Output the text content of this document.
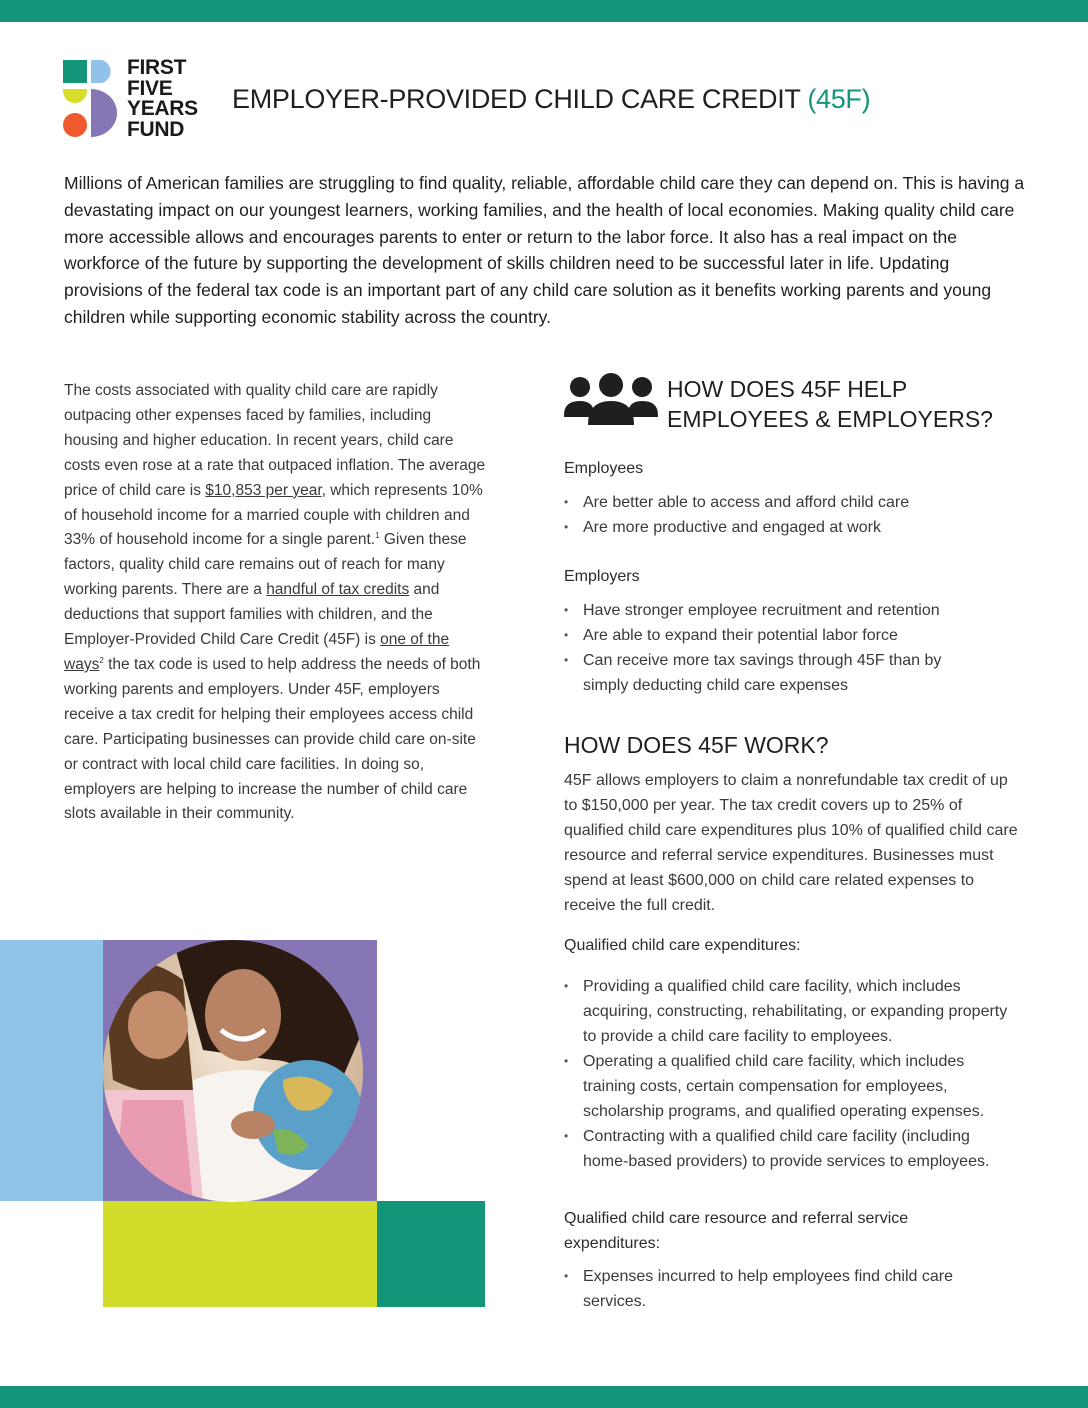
FIRST
FIVE
YEARS
FUND
EMPLOYER-PROVIDED CHILD CARE CREDIT (45F)

Millions of American families are struggling to find quality, reliable, affordable child care they can depend on. This is having a devastating impact on our youngest learners, working families, and the health of local economies. Making quality child care more accessible allows and encourages parents to enter or return to the labor force. It also has a real impact on the workforce of the future by supporting the development of skills children need to be successful later in life. Updating provisions of the federal tax code is an important part of any child care solution as it benefits working parents and young children while supporting economic stability across the country.

The costs associated with quality child care are rapidly outpacing other expenses faced by families, including housing and higher education. In recent years, child care costs even rose at a rate that outpaced inflation. The average price of child care is $10,853 per year, which represents 10% of household income for a married couple with children and 33% of household income for a single parent.$^1$ Given these factors, quality child care remains out of reach for many working parents. There are a handful of tax credits and deductions that support families with children, and the Employer-Provided Child Care Credit (45F) is one of the ways$^2$ the tax code is used to help address the needs of both working parents and employers. Under 45F, employers receive a tax credit for helping their employees access child care. Participating businesses can provide child care on-site or contract with local child care facilities. In doing so, employers are helping to increase the number of child care slots available in their community.

HOW DOES 45F HELP
EMPLOYEES & EMPLOYERS?
Employees
• Are better able to access and afford child care
• Are more productive and engaged at work
Employers
• Have stronger employee recruitment and retention
• Are able to expand their potential labor force
• Can receive more tax savings through 45F than by simply deducting child care expenses
HOW DOES 45F WORK?

45F allows employers to claim a nonrefundable tax credit of up to $150,000 per year. The tax credit covers up to 25% of qualified child care expenditures plus 10% of qualified child care resource and referral service expenditures. Businesses must spend at least $600,000 on child care related expenses to receive the full credit.

Qualified child care expenditures:
• Providing a qualified child care facility, which includes acquiring, constructing, rehabilitating, or expanding property to provide a child care facility to employees.
• Operating a qualified child care facility, which includes training costs, certain compensation for employees, scholarship programs, and qualified operating expenses.
• Contracting with a qualified child care facility (including home-based providers) to provide services to employees.
Qualified child care resource and referral service expenditures:
• Expenses incurred to help employees find child care services.
